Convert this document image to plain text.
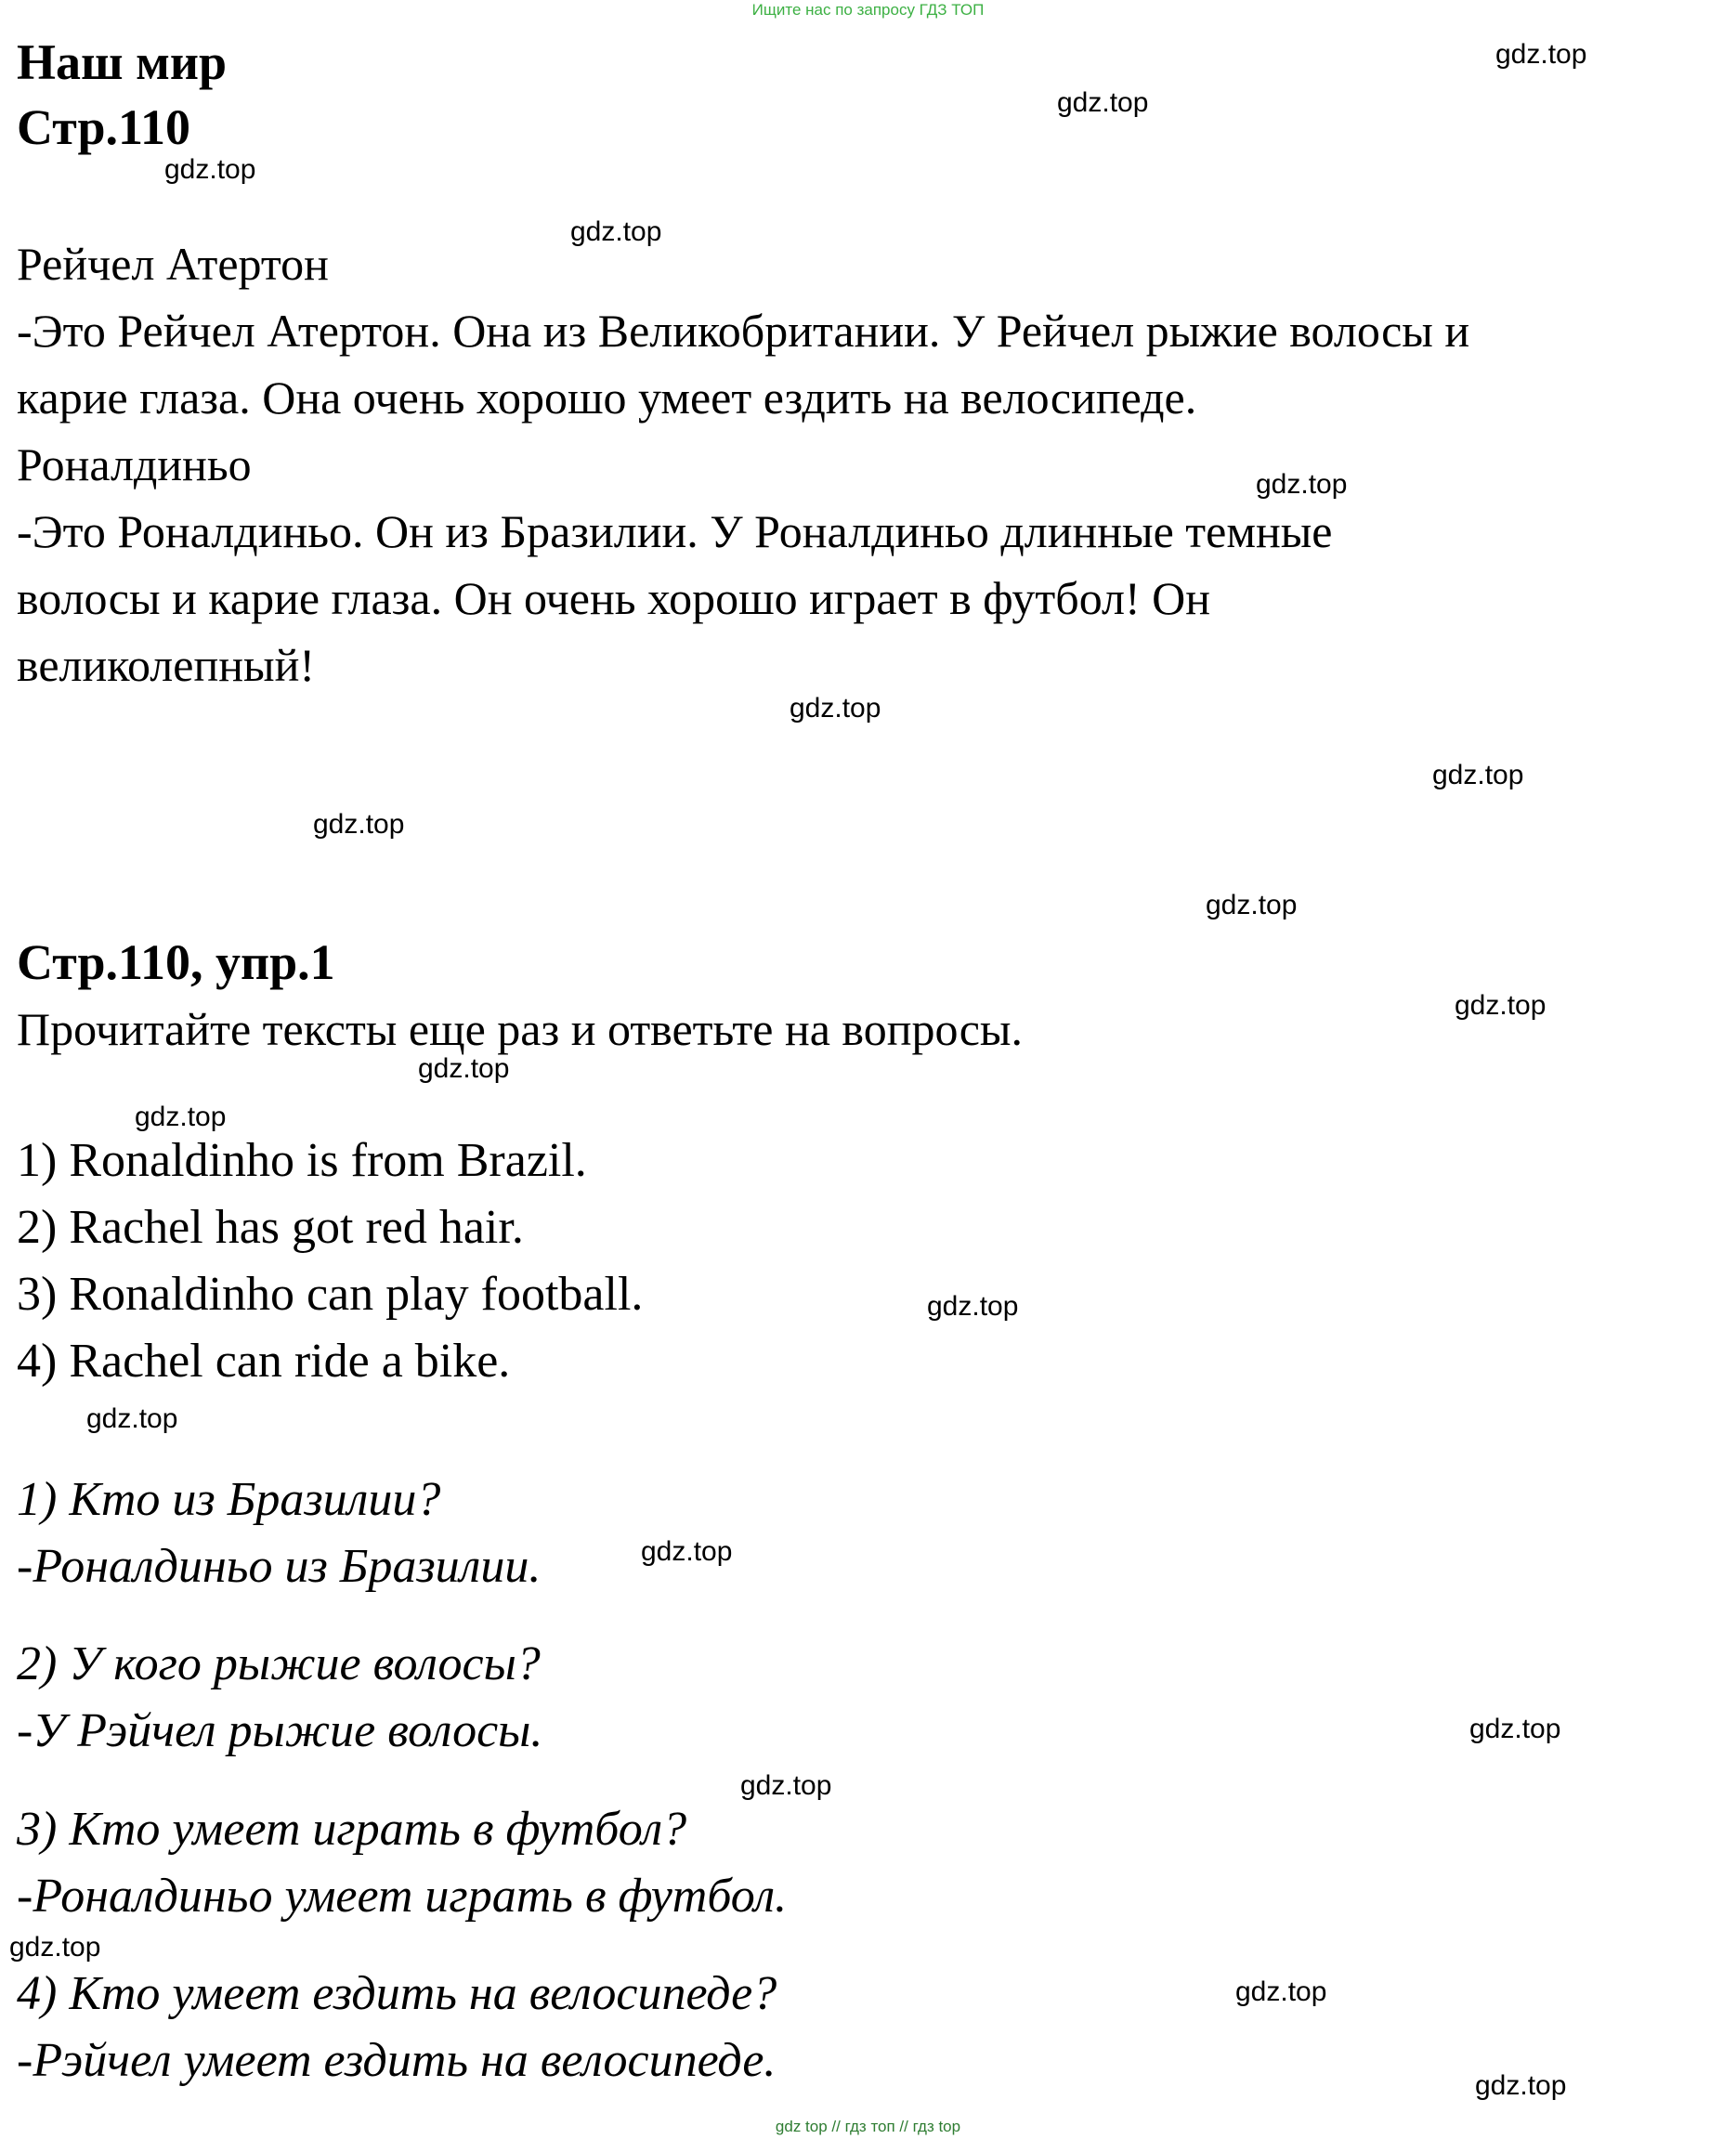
Ищите нас по запросу ГДЗ ТОП
Наш мир
Стр.110
Рейчел Атертон
-Это Рейчел Атертон. Она из Великобритании. У Рейчел рыжие волосы и
карие глаза. Она очень хорошо умеет ездить на велосипеде.
Роналдиньо
-Это Роналдиньо. Он из Бразилии. У Роналдиньо длинные темные
волосы и карие глаза. Он очень хорошо играет в футбол! Он
великолепный!
Стр.110, упр.1
Прочитайте тексты еще раз и ответьте на вопросы.
1) Ronaldinho is from Brazil.
2) Rachel has got red hair.
3) Ronaldinho can play football.
4) Rachel can ride a bike.
1) Кто из Бразилии?
-Роналдиньо из Бразилии.
2) У кого рыжие волосы?
-У Рэйчел рыжие волосы.
3) Кто умеет играть в футбол?
-Роналдиньо умеет играть в футбол.
4) Кто умеет ездить на велосипеде?
-Рэйчел умеет ездить на велосипеде.
gdz.top
gdz.top
gdz.top
gdz.top
gdz.top
gdz.top
gdz.top
gdz.top
gdz.top
gdz.top
gdz.top
gdz.top
gdz.top
gdz.top
gdz.top
gdz.top
gdz.top
gdz.top
gdz.top
gdz.top
gdz top // гдз топ // гдз top
